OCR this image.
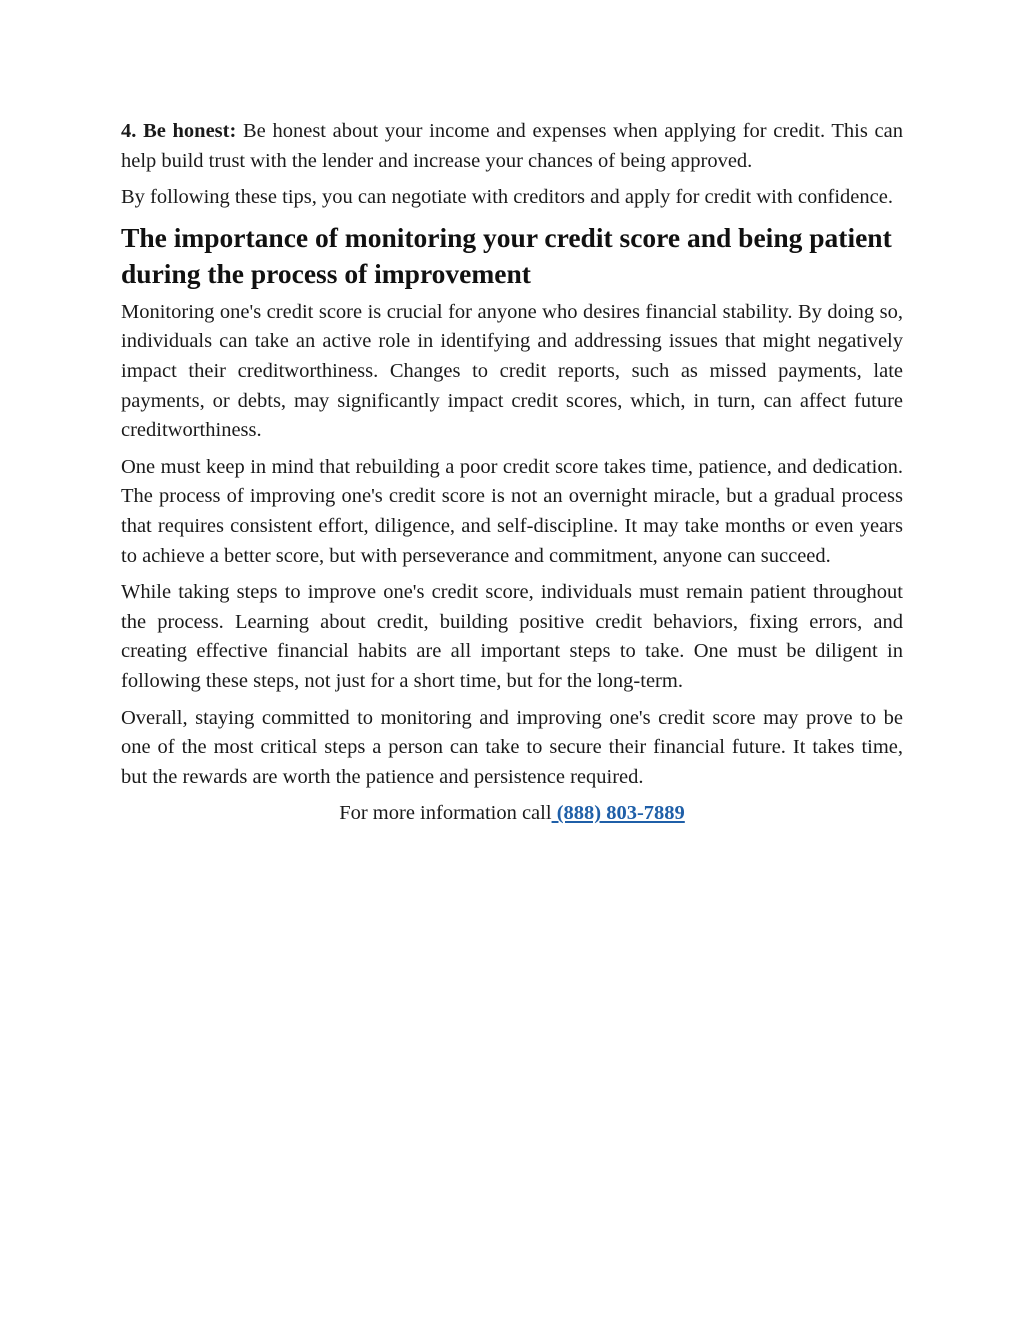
4. Be honest: Be honest about your income and expenses when applying for credit. This can help build trust with the lender and increase your chances of being approved.

By following these tips, you can negotiate with creditors and apply for credit with confidence.

The importance of monitoring your credit score and being patient during the process of improvement

Monitoring one's credit score is crucial for anyone who desires financial stability. By doing so, individuals can take an active role in identifying and addressing issues that might negatively impact their creditworthiness. Changes to credit reports, such as missed payments, late payments, or debts, may significantly impact credit scores, which, in turn, can affect future creditworthiness.

One must keep in mind that rebuilding a poor credit score takes time, patience, and dedication. The process of improving one's credit score is not an overnight miracle, but a gradual process that requires consistent effort, diligence, and self-discipline. It may take months or even years to achieve a better score, but with perseverance and commitment, anyone can succeed.

While taking steps to improve one's credit score, individuals must remain patient throughout the process. Learning about credit, building positive credit behaviors, fixing errors, and creating effective financial habits are all important steps to take. One must be diligent in following these steps, not just for a short time, but for the long-term.

Overall, staying committed to monitoring and improving one's credit score may prove to be one of the most critical steps a person can take to secure their financial future. It takes time, but the rewards are worth the patience and persistence required.

For more information call (888) 803-7889
